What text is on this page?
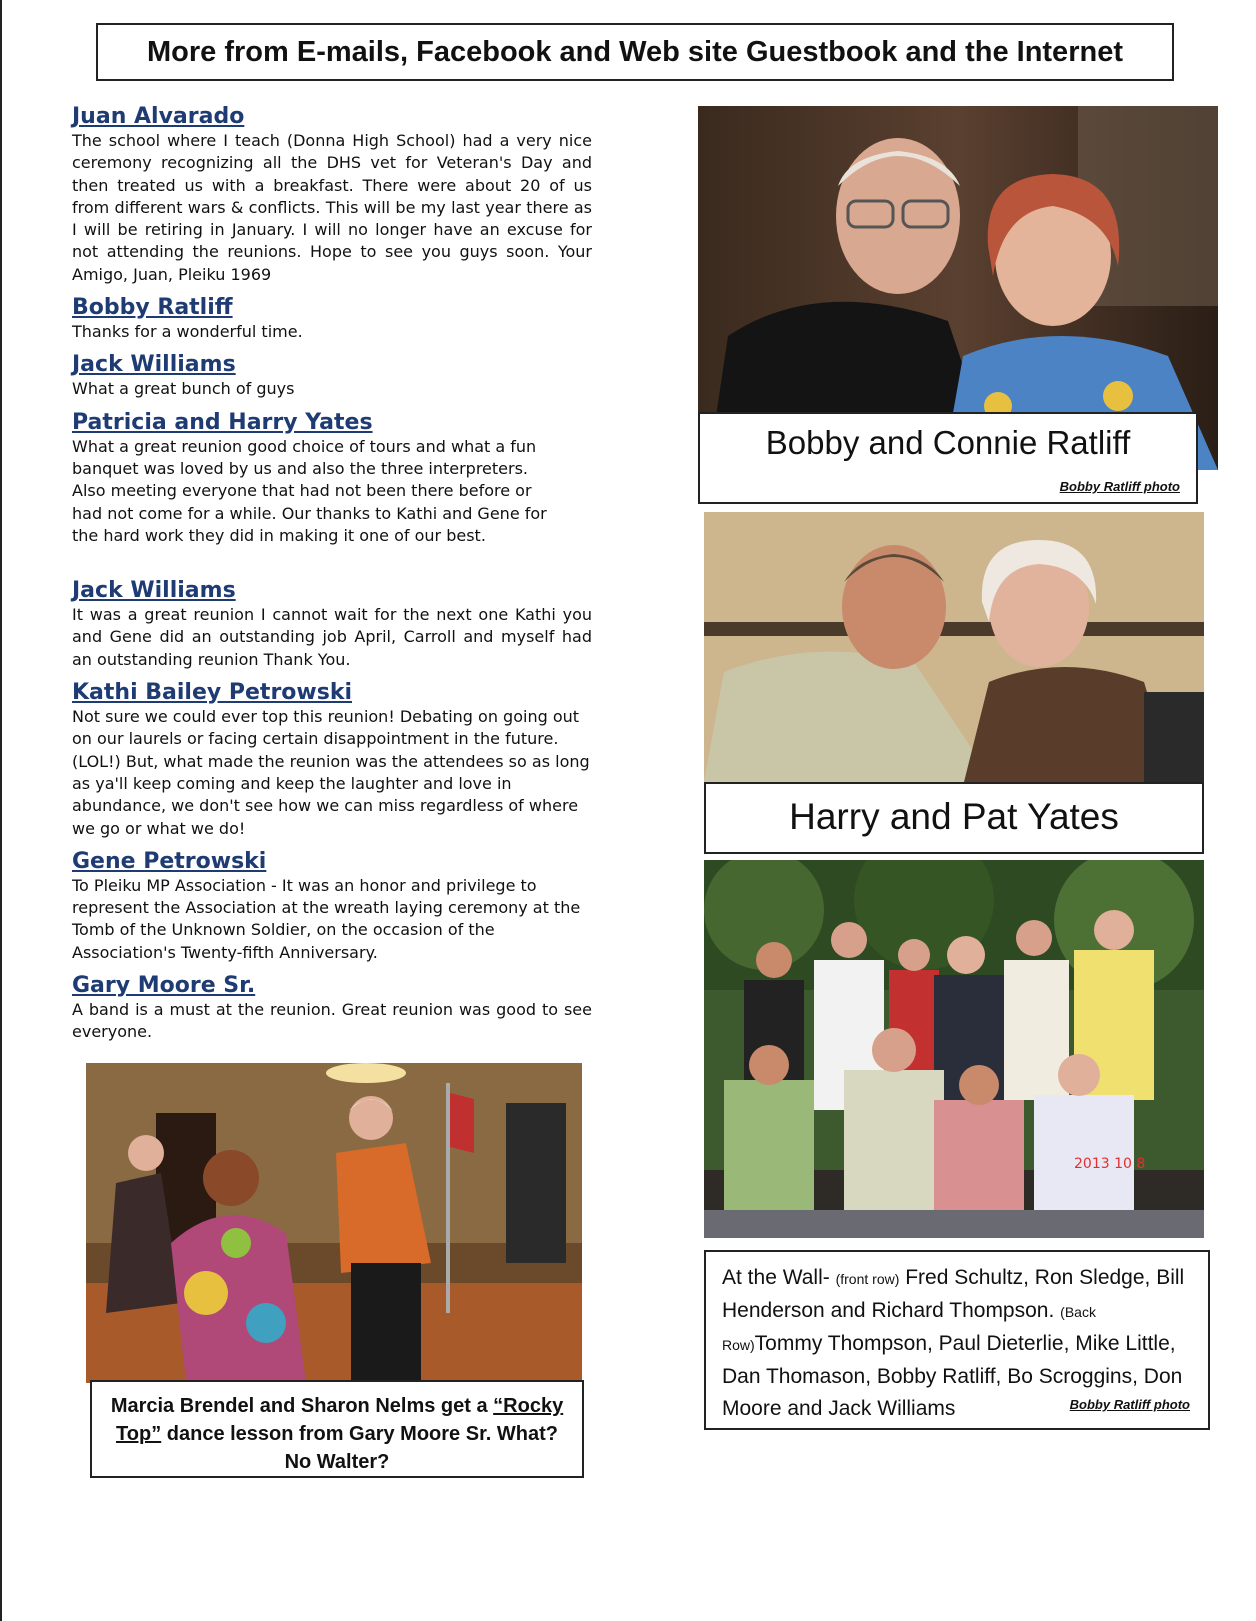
More from E-mails, Facebook and Web site Guestbook and the Internet

Juan Alvarado

The school where I teach (Donna High School) had a very nice ceremony recognizing all the DHS vet for Veteran's Day and then treated us with a breakfast. There were about 20 of us from different wars & conflicts. This will be my last year there as I will be retiring in January. I will no longer have an excuse for not attending the reunions. Hope to see you guys soon. Your Amigo, Juan, Pleiku 1969

Bobby Ratliff

Thanks for a wonderful time.

Jack Williams

What a great bunch of guys

Patricia and Harry Yates

What a great reunion good choice of tours and what a fun banquet was loved by us and also the three interpreters. Also meeting everyone that had not been there before or had not come for a while. Our thanks to Kathi and Gene for the hard work they did in making it one of our best.

Jack Williams

It was a great reunion I cannot wait for the next one Kathi you and Gene did an outstanding job April, Carroll and myself had an outstanding reunion Thank You.

Kathi Bailey Petrowski

Not sure we could ever top this reunion! Debating on going out on our laurels or facing certain disappointment in the future. (LOL!) But, what made the reunion was the attendees so as long as ya'll keep coming and keep the laughter and love in abundance, we don't see how we can miss regardless of where we go or what we do!

Gene Petrowski

To Pleiku MP Association - It was an honor and privilege to represent the Association at the wreath laying ceremony at the Tomb of the Unknown Soldier, on the occasion of the Association's Twenty-fifth Anniversary.

Gary Moore Sr.

A band is a must at the reunion. Great reunion was good to see everyone.

Bobby and Connie Ratliff
Bobby Ratliff photo
Harry and Pat Yates
2013 10 8
At the Wall- (front row) Fred Schultz, Ron Sledge, Bill Henderson and Richard Thompson. (Back Row)Tommy Thompson, Paul Dieterlie, Mike Little, Dan Thomason, Bobby Ratliff, Bo Scroggins, Don Moore and Jack Williams	Bobby Ratliff photo
Marcia Brendel and Sharon Nelms get a “Rocky Top” dance lesson from Gary Moore Sr. What? No Walter?
